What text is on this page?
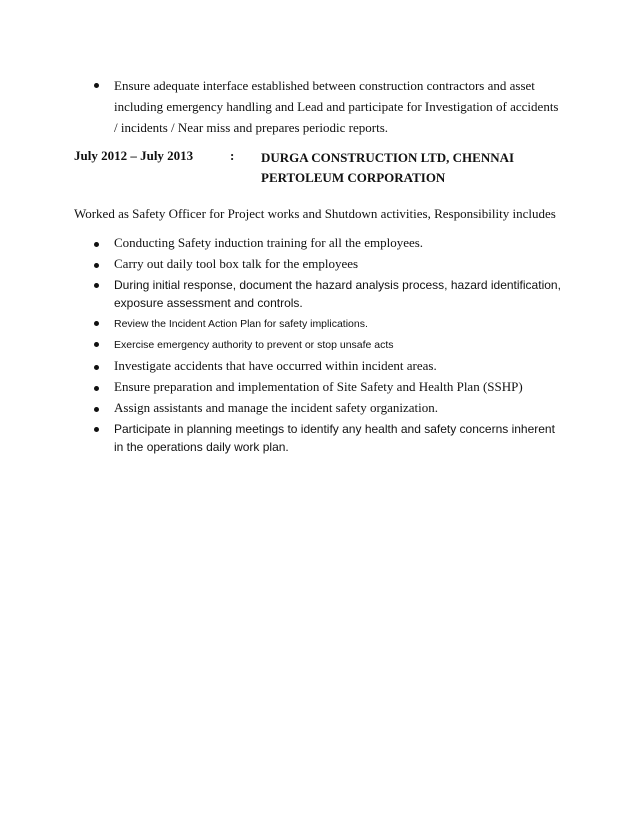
Ensure adequate interface established between construction contractors and asset including emergency handling and Lead and participate for Investigation of accidents / incidents / Near miss and prepares periodic reports.
July 2012 – July 2013	: DURGA CONSTRUCTION LTD, CHENNAI
PERTOLEUM CORPORATION
Worked as Safety Officer for Project works and Shutdown activities, Responsibility includes
Conducting Safety induction training for all the employees.
Carry out daily tool box talk for the employees
During initial response, document the hazard analysis process, hazard identification, exposure assessment and controls.
Review the Incident Action Plan for safety implications.
Exercise emergency authority to prevent or stop unsafe acts
Investigate accidents that have occurred within incident areas.
Ensure preparation and implementation of Site Safety and Health Plan (SSHP)
Assign assistants and manage the incident safety organization.
Participate in planning meetings to identify any health and safety concerns inherent in the operations daily work plan.
